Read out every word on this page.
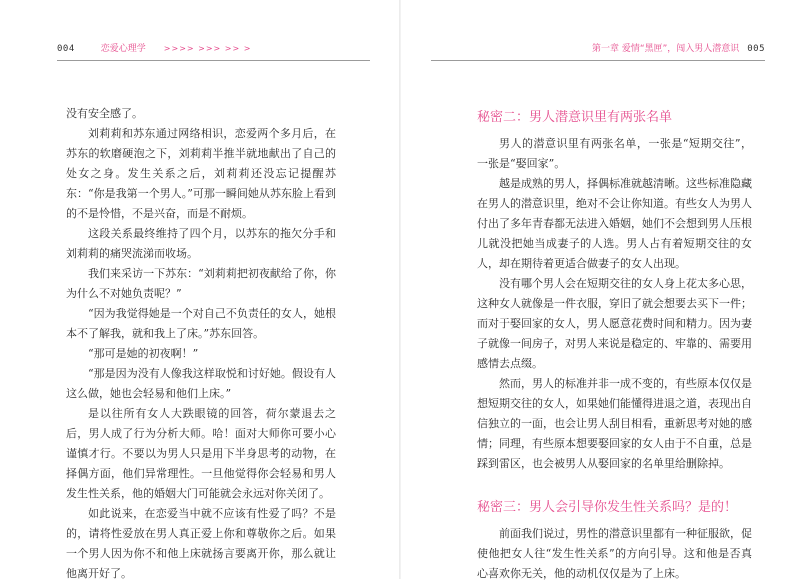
004	恋爱心理学 >>>> >>> >> >

没有安全感了。

刘莉莉和苏东通过网络相识，恋爱两个多月后，在苏东的软磨硬泡之下，刘莉莉半推半就地献出了自己的处女之身。发生关系之后，刘莉莉还没忘记提醒苏东：“你是我第一个男人。”可那一瞬间她从苏东脸上看到的不是怜惜，不是兴奋，而是不耐烦。

这段关系最终维持了四个月，以苏东的拖欠分手和刘莉莉的痛哭流涕而收场。

我们来采访一下苏东：“刘莉莉把初夜献给了你，你为什么不对她负责呢？”

“因为我觉得她是一个对自己不负责任的女人，她根本不了解我，就和我上了床。”苏东回答。

“那可是她的初夜啊！”

“那是因为没有人像我这样取悦和讨好她。假设有人这么做，她也会轻易和他们上床。”

是以往所有女人大跌眼镜的回答，荷尔蒙退去之后，男人成了行为分析大师。哈！面对大师你可要小心谨慎才行。不要以为男人只是用下半身思考的动物，在择偶方面，他们异常理性。一旦他觉得你会轻易和男人发生性关系，他的婚姻大门可能就会永远对你关闭了。

如此说来，在恋爱当中就不应该有性爱了吗？不是的，请将性爱放在男人真正爱上你和尊敬你之后。如果一个男人因为你不和他上床就扬言要离开你，那么就让他离开好了。

第一章 爱情“黑匣”，闯入男人潜意识 005
秘密二：男人潜意识里有两张名单

男人的潜意识里有两张名单，一张是“短期交往”，一张是“娶回家”。

越是成熟的男人，择偶标准就越清晰。这些标准隐藏在男人的潜意识里，绝对不会让你知道。有些女人为男人付出了多年青春都无法进入婚姻，她们不会想到男人压根儿就没把她当成妻子的人选。男人占有着短期交往的女人，却在期待着更适合做妻子的女人出现。

没有哪个男人会在短期交往的女人身上花太多心思，这种女人就像是一件衣服，穿旧了就会想要去买下一件；而对于娶回家的女人，男人愿意花费时间和精力。因为妻子就像一间房子，对男人来说是稳定的、牢靠的、需要用感情去点缀。

然而，男人的标准并非一成不变的，有些原本仅仅是想短期交往的女人，如果她们能懂得进退之道，表现出自信独立的一面，也会让男人刮目相看，重新思考对她的感情；同理，有些原本想要娶回家的女人由于不自重，总是踩到雷区，也会被男人从娶回家的名单里给删除掉。

秘密三：男人会引导你发生性关系吗？是的！

前面我们说过，男性的潜意识里都有一种征服欲，促使他把女人往“发生性关系”的方向引导。这和他是否真心喜欢你无关，他的动机仅仅是为了上床。
